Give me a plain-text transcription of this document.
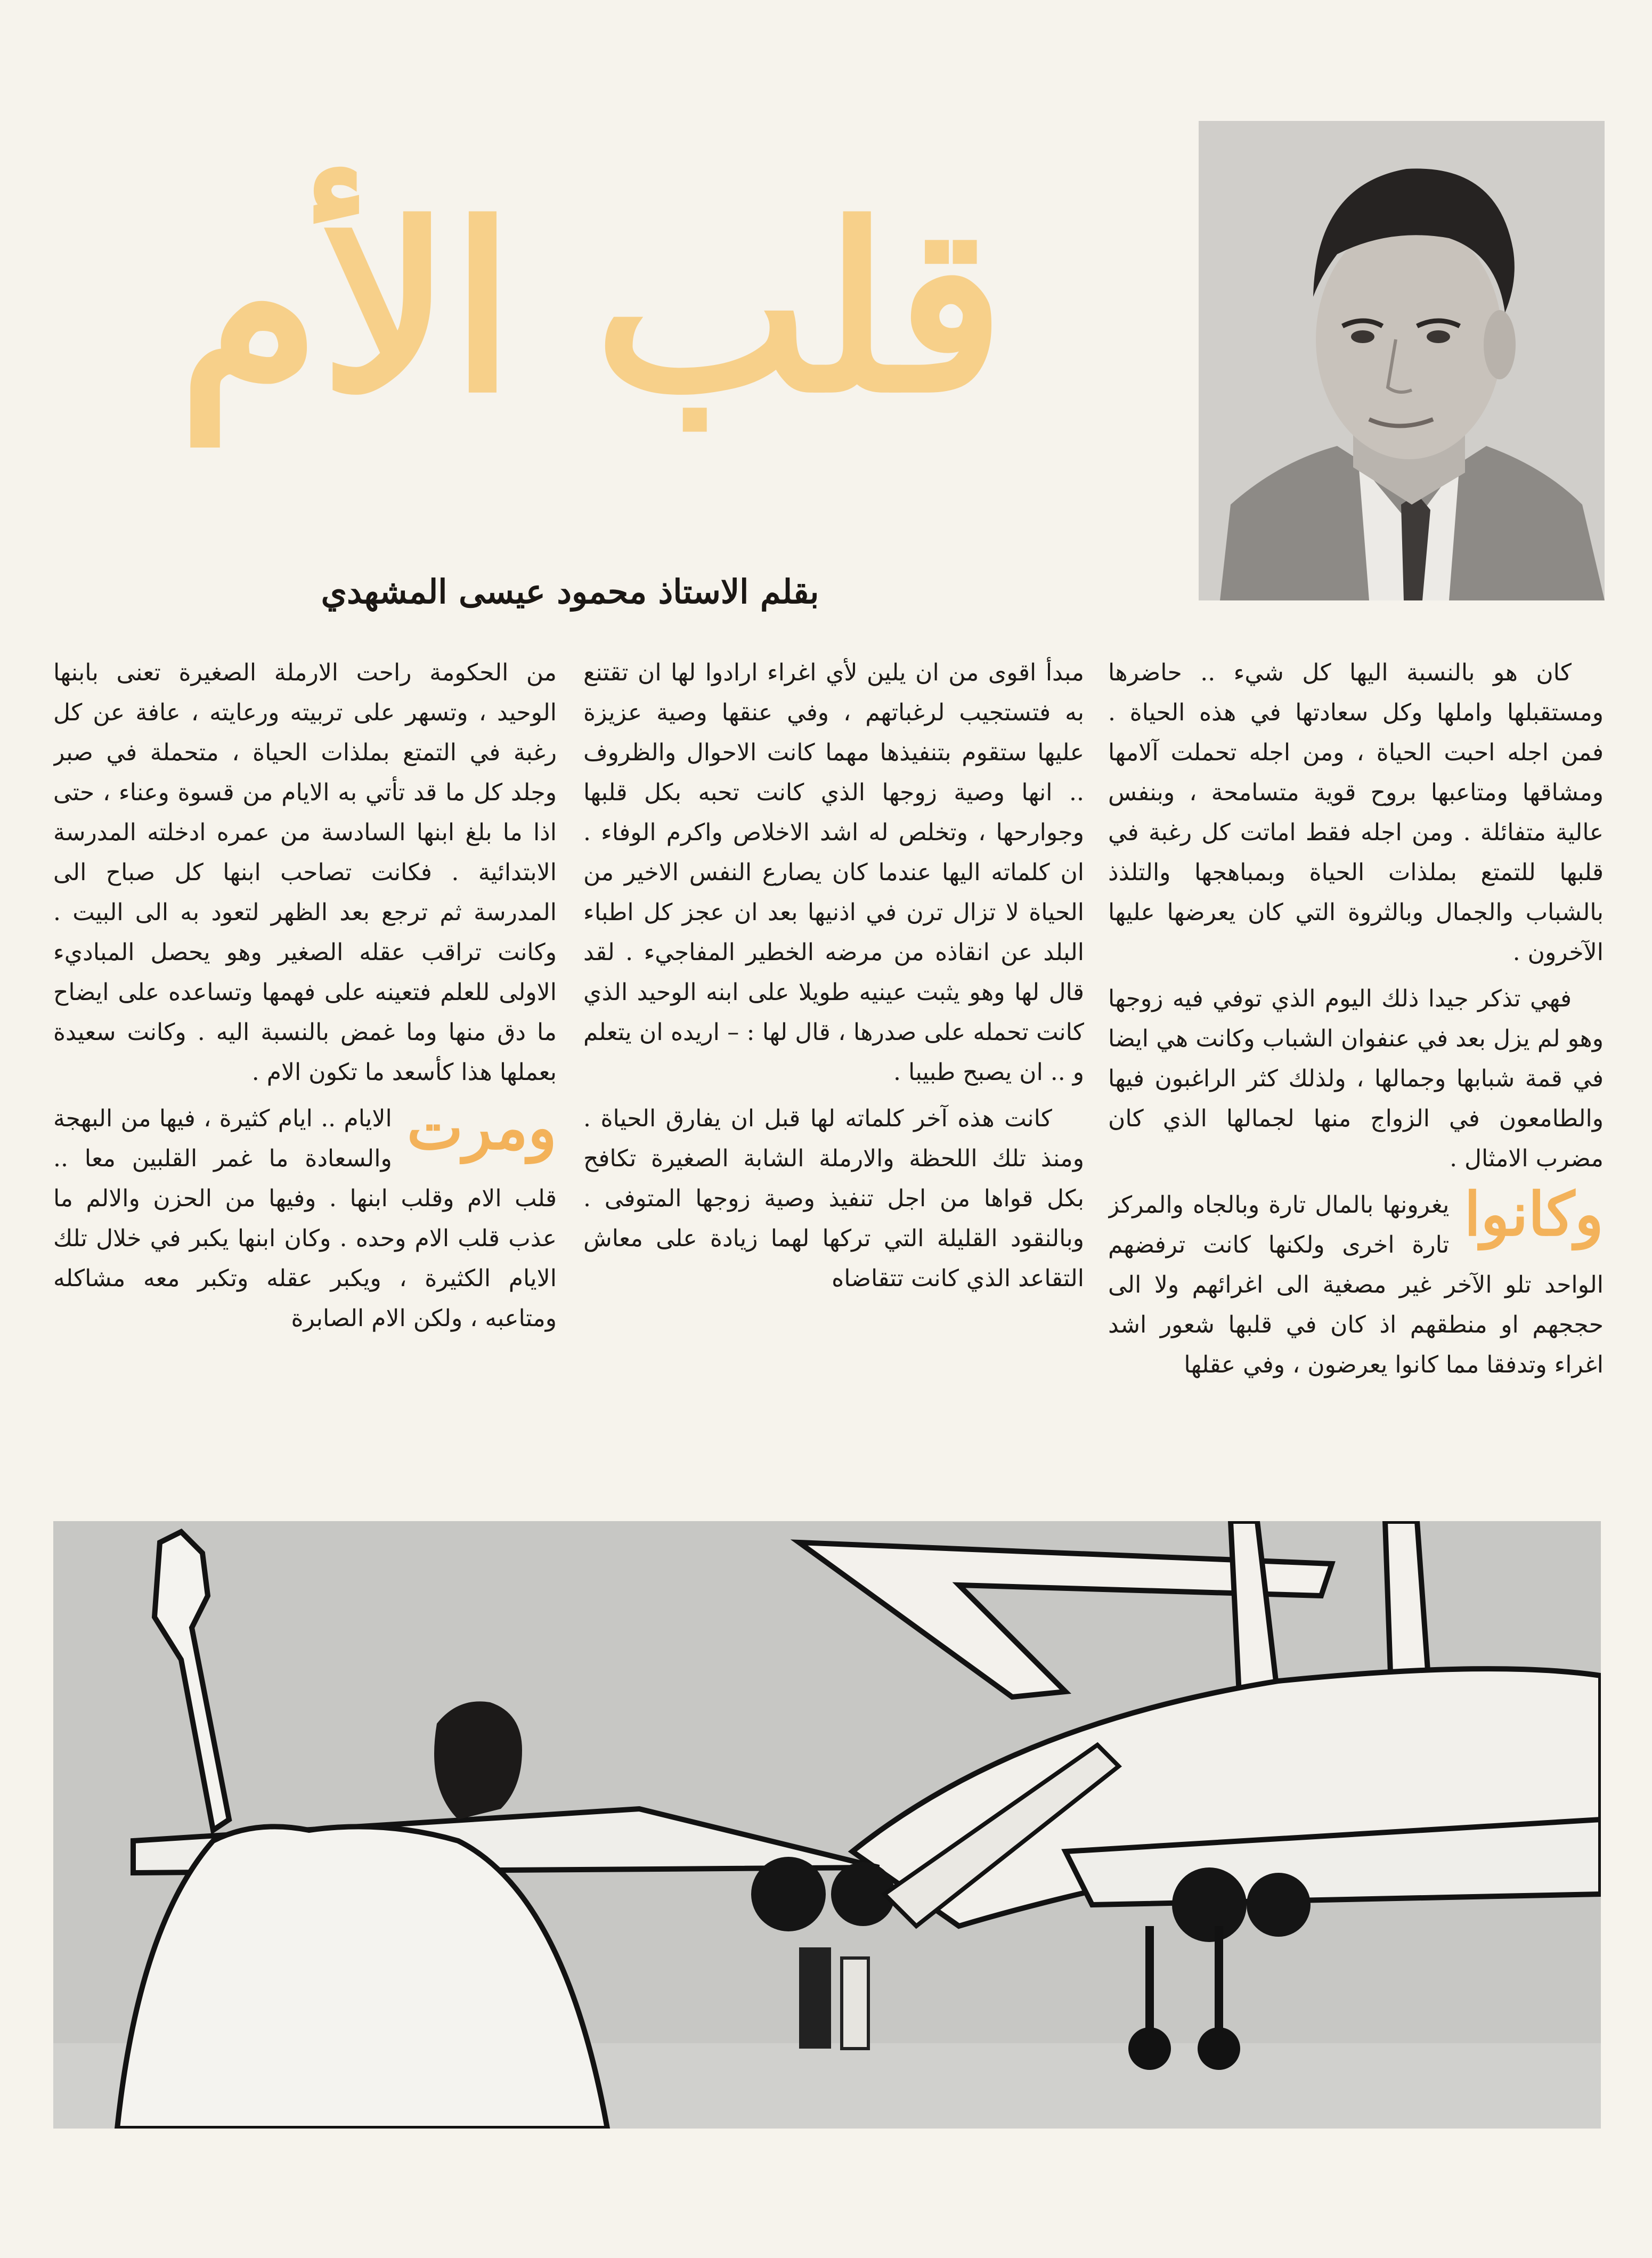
قلب الأم
بقلم الاستاذ محمود عيسى المشهدي

كان هو بالنسبة اليها كل شيء .. حاضرها ومستقبلها واملها وكل سعادتها في هذه الحياة . فمن اجله احبت الحياة ، ومن اجله تحملت آلامها ومشاقها ومتاعبها بروح قوية متسامحة ، وبنفس عالية متفائلة . ومن اجله فقط اماتت كل رغبة في قلبها للتمتع بملذات الحياة وبمباهجها والتلذذ بالشباب والجمال وبالثروة التي كان يعرضها عليها الآخرون .

فهي تذكر جيدا ذلك اليوم الذي توفي فيه زوجها وهو لم يزل بعد في عنفوان الشباب وكانت هي ايضا في قمة شبابها وجمالها ، ولذلك كثر الراغبون فيها والطامعون في الزواج منها لجمالها الذي كان مضرب الامثال .

وكانوا
يغرونها بالمال تارة وبالجاه والمركز تارة اخرى ولكنها كانت ترفضهم الواحد تلو الآخر غير مصغية الى اغرائهم ولا الى حججهم او منطقهم اذ كان في قلبها شعور اشد اغراء وتدفقا مما كانوا يعرضون ، وفي عقلها

مبدأ اقوى من ان يلين لأي اغراء ارادوا لها ان تقتنع به فتستجيب لرغباتهم ، وفي عنقها وصية عزيزة عليها ستقوم بتنفيذها مهما كانت الاحوال والظروف .. انها وصية زوجها الذي كانت تحبه بكل قلبها وجوارحها ، وتخلص له اشد الاخلاص واكرم الوفاء . ان كلماته اليها عندما كان يصارع النفس الاخير من الحياة لا تزال ترن في اذنيها بعد ان عجز كل اطباء البلد عن انقاذه من مرضه الخطير المفاجيء . لقد قال لها وهو يثبت عينيه طويلا على ابنه الوحيد الذي كانت تحمله على صدرها ، قال لها : – اريده ان يتعلم و .. ان يصبح طبيبا .

كانت هذه آخر كلماته لها قبل ان يفارق الحياة . ومنذ تلك اللحظة والارملة الشابة الصغيرة تكافح بكل قواها من اجل تنفيذ وصية زوجها المتوفى . وبالنقود القليلة التي تركها لهما زيادة على معاش التقاعد الذي كانت تتقاضاه

من الحكومة راحت الارملة الصغيرة تعنى بابنها الوحيد ، وتسهر على تربيته ورعايته ، عافة عن كل رغبة في التمتع بملذات الحياة ، متحملة في صبر وجلد كل ما قد تأتي به الايام من قسوة وعناء ، حتى اذا ما بلغ ابنها السادسة من عمره ادخلته المدرسة الابتدائية . فكانت تصاحب ابنها كل صباح الى المدرسة ثم ترجع بعد الظهر لتعود به الى البيت . وكانت تراقب عقله الصغير وهو يحصل المباديء الاولى للعلم فتعينه على فهمها وتساعده على ايضاح ما دق منها وما غمض بالنسبة اليه . وكانت سعيدة بعملها هذا كأسعد ما تكون الام .

ومرت
الايام .. ايام كثيرة ، فيها من البهجة والسعادة ما غمر القلبين معا .. قلب الام وقلب ابنها . وفيها من الحزن والالم ما عذب قلب الام وحده . وكان ابنها يكبر في خلال تلك الايام الكثيرة ، ويكبر عقله وتكبر معه مشاكله ومتاعبه ، ولكن الام الصابرة
